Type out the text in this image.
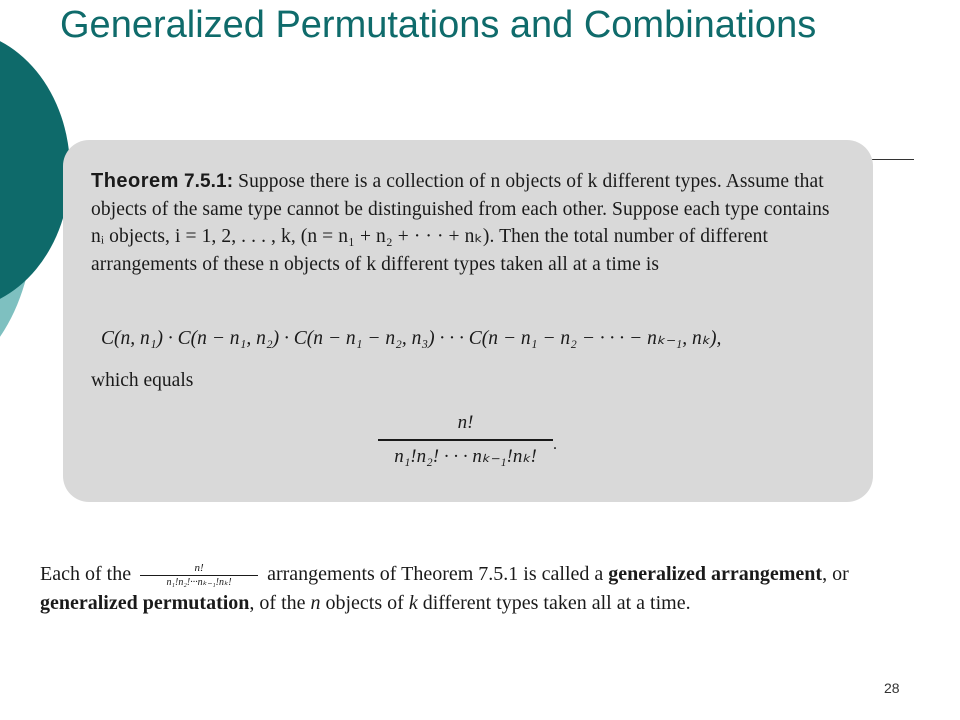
Generalized Permutations and Combinations
Theorem 7.5.1: Suppose there is a collection of n objects of k different types. Assume that objects of the same type cannot be distinguished from each other. Suppose each type contains nᵢ objects, i = 1, 2, . . . , k, (n = n₁ + n₂ + · · · + nₖ). Then the total number of different arrangements of these n objects of k different types taken all at a time is
C(n, n₁) · C(n − n₁, n₂) · C(n − n₁ − n₂, n₃) · · · C(n − n₁ − n₂ − · · · − nₖ₋₁, nₖ),
which equals
n!
n₁!n₂! · · · nₖ₋₁!nₖ!
.
Each of the $\frac{n!}{\text{n₁!n₂!···nₖ₋₁!nₖ!}}$ arrangements of Theorem 7.5.1 is called a generalized arrangement, or generalized permutation, of the n objects of k different types taken all at a time.
28
